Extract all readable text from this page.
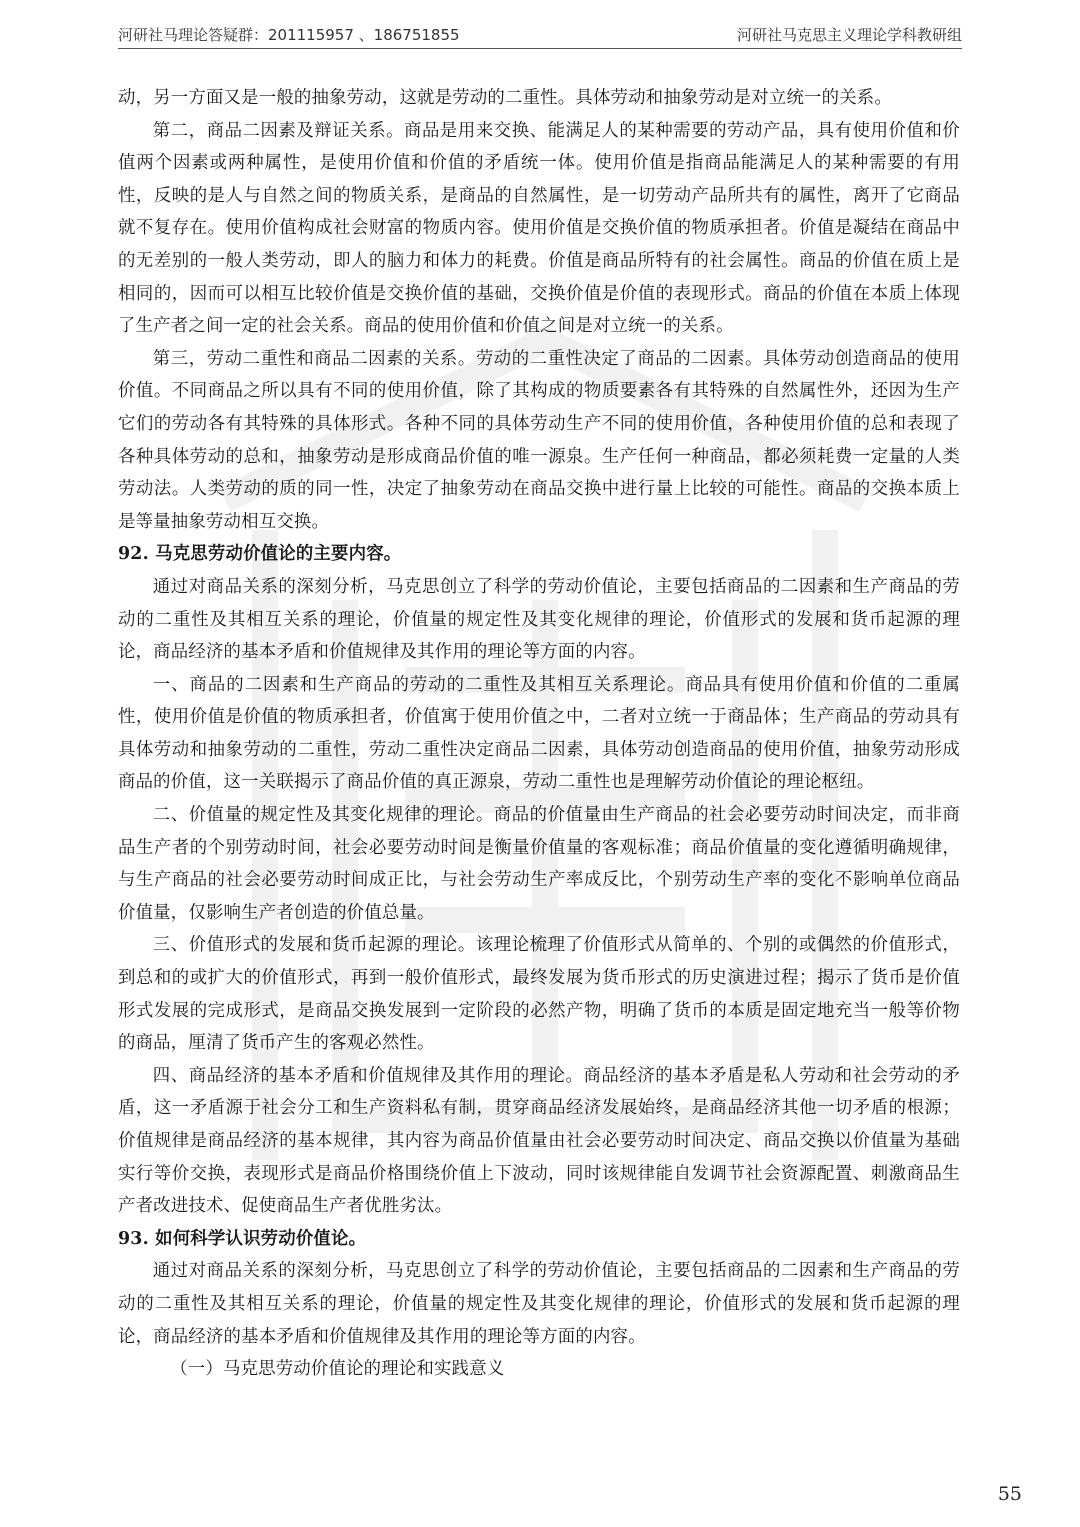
河研社马理论答疑群：201115957 、186751855	河研社马克思主义理论学科教研组

动，另一方面又是一般的抽象劳动，这就是劳动的二重性。具体劳动和抽象劳动是对立统一的关系。

第二，商品二因素及辩证关系。商品是用来交换、能满足人的某种需要的劳动产品，具有使用价值和价值两个因素或两种属性，是使用价值和价值的矛盾统一体。使用价值是指商品能满足人的某种需要的有用性，反映的是人与自然之间的物质关系，是商品的自然属性，是一切劳动产品所共有的属性，离开了它商品就不复存在。使用价值构成社会财富的物质内容。使用价值是交换价值的物质承担者。价值是凝结在商品中的无差别的一般人类劳动，即人的脑力和体力的耗费。价值是商品所特有的社会属性。商品的价值在质上是相同的，因而可以相互比较价值是交换价值的基础，交换价值是价值的表现形式。商品的价值在本质上体现了生产者之间一定的社会关系。商品的使用价值和价值之间是对立统一的关系。

第三，劳动二重性和商品二因素的关系。劳动的二重性决定了商品的二因素。具体劳动创造商品的使用价值。不同商品之所以具有不同的使用价值，除了其构成的物质要素各有其特殊的自然属性外，还因为生产它们的劳动各有其特殊的具体形式。各种不同的具体劳动生产不同的使用价值，各种使用价值的总和表现了各种具体劳动的总和，抽象劳动是形成商品价值的唯一源泉。生产任何一种商品，都必须耗费一定量的人类劳动法。人类劳动的质的同一性，决定了抽象劳动在商品交换中进行量上比较的可能性。商品的交换本质上是等量抽象劳动相互交换。

92. 马克思劳动价值论的主要内容。

通过对商品关系的深刻分析，马克思创立了科学的劳动价值论，主要包括商品的二因素和生产商品的劳动的二重性及其相互关系的理论，价值量的规定性及其变化规律的理论，价值形式的发展和货币起源的理论，商品经济的基本矛盾和价值规律及其作用的理论等方面的内容。

一、商品的二因素和生产商品的劳动的二重性及其相互关系理论。商品具有使用价值和价值的二重属性，使用价值是价值的物质承担者，价值寓于使用价值之中，二者对立统一于商品体；生产商品的劳动具有具体劳动和抽象劳动的二重性，劳动二重性决定商品二因素，具体劳动创造商品的使用价值，抽象劳动形成商品的价值，这一关联揭示了商品价值的真正源泉，劳动二重性也是理解劳动价值论的理论枢纽。

二、价值量的规定性及其变化规律的理论。商品的价值量由生产商品的社会必要劳动时间决定，而非商品生产者的个别劳动时间，社会必要劳动时间是衡量价值量的客观标准；商品价值量的变化遵循明确规律，与生产商品的社会必要劳动时间成正比，与社会劳动生产率成反比，个别劳动生产率的变化不影响单位商品价值量，仅影响生产者创造的价值总量。

三、价值形式的发展和货币起源的理论。该理论梳理了价值形式从简单的、个别的或偶然的价值形式，到总和的或扩大的价值形式，再到一般价值形式，最终发展为货币形式的历史演进过程；揭示了货币是价值形式发展的完成形式，是商品交换发展到一定阶段的必然产物，明确了货币的本质是固定地充当一般等价物的商品，厘清了货币产生的客观必然性。

四、商品经济的基本矛盾和价值规律及其作用的理论。商品经济的基本矛盾是私人劳动和社会劳动的矛盾，这一矛盾源于社会分工和生产资料私有制，贯穿商品经济发展始终，是商品经济其他一切矛盾的根源；价值规律是商品经济的基本规律，其内容为商品价值量由社会必要劳动时间决定、商品交换以价值量为基础实行等价交换，表现形式是商品价格围绕价值上下波动，同时该规律能自发调节社会资源配置、刺激商品生产者改进技术、促使商品生产者优胜劣汰。

93. 如何科学认识劳动价值论。

通过对商品关系的深刻分析，马克思创立了科学的劳动价值论，主要包括商品的二因素和生产商品的劳动的二重性及其相互关系的理论，价值量的规定性及其变化规律的理论，价值形式的发展和货币起源的理论，商品经济的基本矛盾和价值规律及其作用的理论等方面的内容。

（一）马克思劳动价值论的理论和实践意义

55
